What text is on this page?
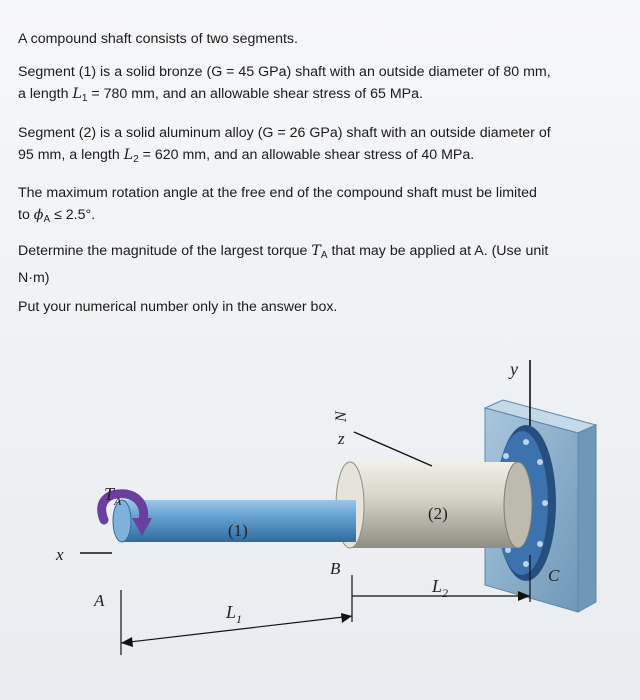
A compound shaft consists of two segments.
Segment (1) is a solid bronze (G = 45 GPa) shaft with an outside diameter of 80 mm,
a length $L_1 = 780$ mm, and an allowable shear stress of 65 MPa.
Segment (2) is a solid aluminum alloy (G = 26 GPa) shaft with an outside diameter of
95 mm, a length $L_2 = 620$ mm, and an allowable shear stress of 40 MPa.
The maximum rotation angle at the free end of the compound shaft must be limited
to $\phi_A \le 2.5^\circ$.
Determine the magnitude of the largest torque $T_A$ that may be applied at A. (Use unit
N·m)
Put your numerical number only in the answer box.
y
z
N
x
$T_A$
(2)
(1)
B	C
A
$L_2$
$L_1$
